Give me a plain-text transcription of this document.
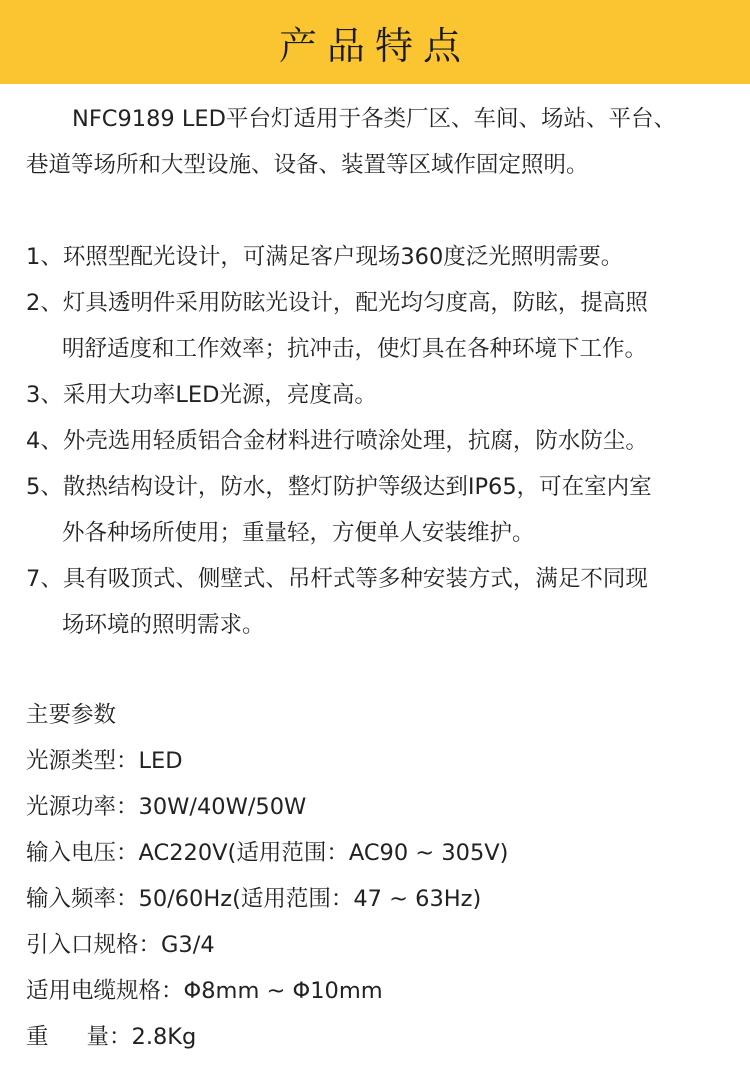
产品特点

NFC9189 LED平台灯适用于各类厂区、车间、场站、平台、

巷道等场所和大型设施、设备、装置等区域作固定照明。

1、环照型配光设计，可满足客户现场360度泛光照明需要。

2、灯具透明件采用防眩光设计，配光均匀度高，防眩，提高照

明舒适度和工作效率；抗冲击，使灯具在各种环境下工作。

3、采用大功率LED光源，亮度高。

4、外壳选用轻质铝合金材料进行喷涂处理，抗腐，防水防尘。

5、散热结构设计，防水，整灯防护等级达到IP65，可在室内室

外各种场所使用；重量轻，方便单人安装维护。

7、具有吸顶式、侧壁式、吊杆式等多种安装方式，满足不同现

场环境的照明需求。

主要参数

光源类型：LED

光源功率：30W/40W/50W

输入电压：AC220V(适用范围：AC90 ~ 305V)

输入频率：50/60Hz(适用范围：47 ~ 63Hz)

引入口规格：G3/4

适用电缆规格：Φ8mm ~ Φ10mm

重 量：2.8Kg
